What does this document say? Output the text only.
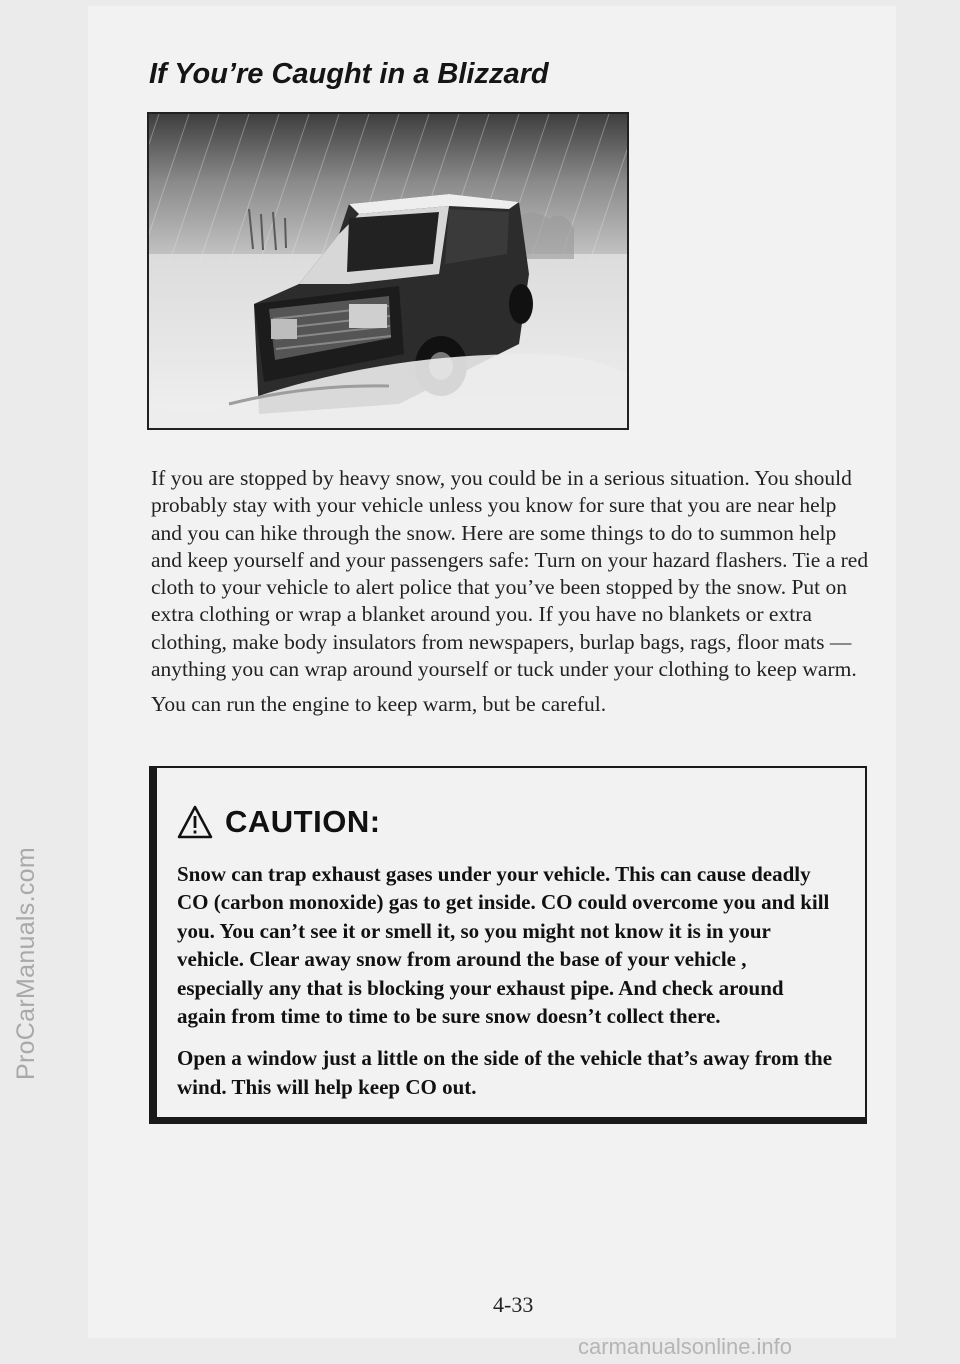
ProCarManuals.com
If You’re Caught in a Blizzard

If you are stopped by heavy snow, you could be in a serious situation. You should probably stay with your vehicle unless you know for sure that you are near help and you can hike through the snow. Here are some things to do to summon help and keep yourself and your passengers safe: Turn on your hazard flashers. Tie a red cloth to your vehicle to alert police that you’ve been stopped by the snow. Put on extra clothing or wrap a blanket around you. If you have no blankets or extra clothing, make body insulators from newspapers, burlap bags, rags, floor mats — anything you can wrap around yourself or tuck under your clothing to keep warm.

You can run the engine to keep warm, but be careful.

CAUTION:

Snow can trap exhaust gases under your vehicle. This can cause deadly CO (carbon monoxide) gas to get inside. CO could overcome you and kill you. You can’t see it or smell it, so you might not know it is in your vehicle. Clear away snow from around the base of your vehicle , especially any that is blocking your exhaust pipe. And check around again from time to time to be sure snow doesn’t collect there.

Open a window just a little on the side of the vehicle that’s away from the wind. This will help keep CO out.

4-33
carmanualsonline.info
